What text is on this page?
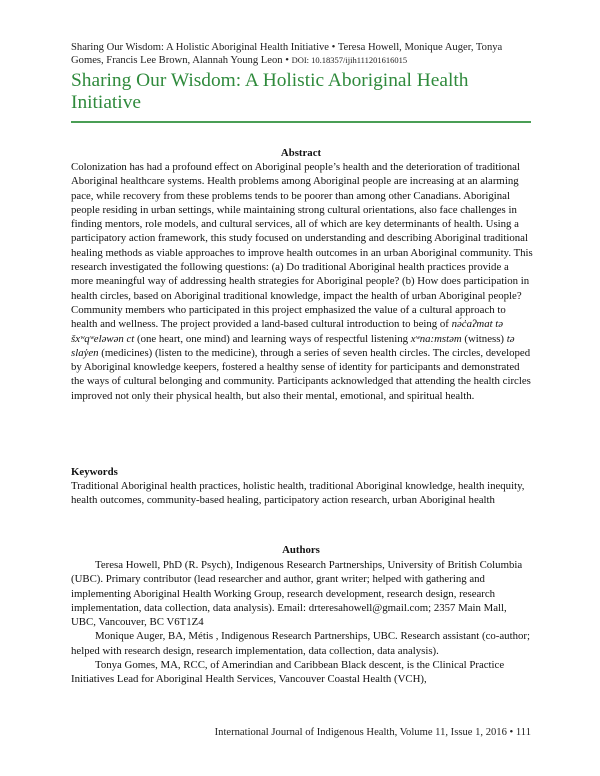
Sharing Our Wisdom: A Holistic Aboriginal Health Initiative • Teresa Howell, Monique Auger, Tonya Gomes, Francis Lee Brown, Alannah Young Leon • DOI: 10.18357/ijih111201616015
Sharing Our Wisdom: A Holistic Aboriginal Health Initiative
Abstract

Colonization has had a profound effect on Aboriginal people’s health and the deterioration of traditional Aboriginal healthcare systems. Health problems among Aboriginal people are increasing at an alarming pace, while recovery from these problems tends to be poorer than among other Canadians. Aboriginal people residing in urban settings, while maintaining strong cultural orientations, also face challenges in finding mentors, role models, and cultural services, all of which are key determinants of health. Using a participatory action framework, this study focused on understanding and describing Aboriginal traditional healing methods as viable approaches to improve health outcomes in an urban Aboriginal community. This research investigated the following questions: (a) Do traditional Aboriginal health practices provide a more meaningful way of addressing health strategies for Aboriginal people? (b) How does participation in health circles, based on Aboriginal traditional knowledge, impact the health of urban Aboriginal people? Community members who participated in this project emphasized the value of a cultural approach to health and wellness. The project provided a land-based cultural introduction to being of nə́c̓aʔmat tə šxʷqʷeləwən ct (one heart, one mind) and learning ways of respectful listening xʷna:mstəm (witness) tə slay̓en (medicines) (listen to the medicine), through a series of seven health circles. The circles, developed by Aboriginal knowledge keepers, fostered a healthy sense of identity for participants and demonstrated the ways of cultural belonging and community. Participants acknowledged that attending the health circles improved not only their physical health, but also their mental, emotional, and spiritual health.

Keywords

Traditional Aboriginal health practices, holistic health, traditional Aboriginal knowledge, health inequity, health outcomes, community-based healing, participatory action research, urban Aboriginal health

Authors

Teresa Howell, PhD (R. Psych), Indigenous Research Partnerships, University of British Columbia (UBC). Primary contributor (lead researcher and author, grant writer; helped with gathering and implementing Aboriginal Health Working Group, research development, research design, research implementation, data collection, data analysis). Email: drteresahowell@gmail.com; 2357 Main Mall, UBC, Vancouver, BC V6T1Z4

Monique Auger, BA, Métis , Indigenous Research Partnerships, UBC. Research assistant (co-author; helped with research design, research implementation, data collection, data analysis).

Tonya Gomes, MA, RCC, of Amerindian and Caribbean Black descent, is the Clinical Practice Initiatives Lead for Aboriginal Health Services, Vancouver Coastal Health (VCH),

International Journal of Indigenous Health, Volume 11, Issue 1, 2016 • 111
